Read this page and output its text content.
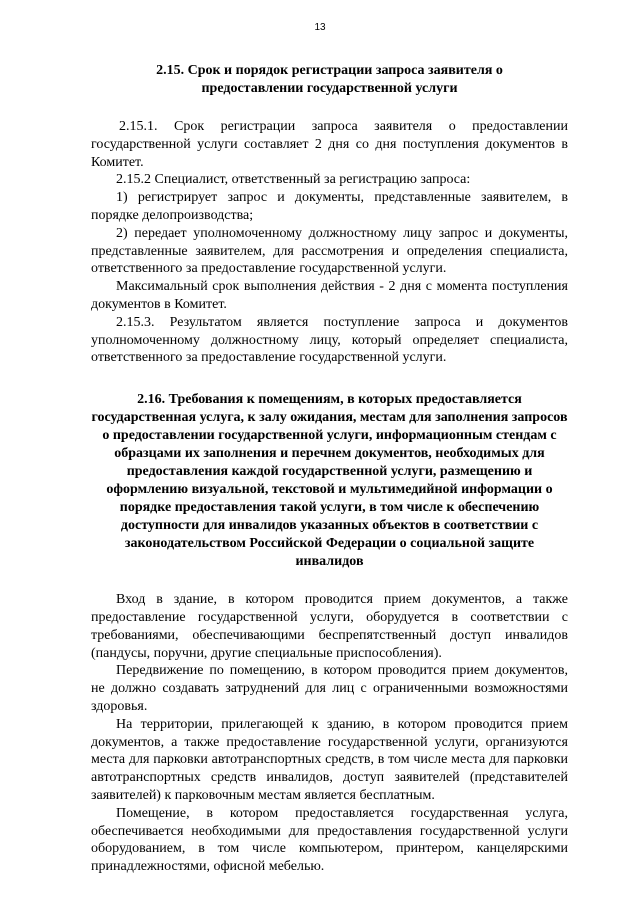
13
2.15. Срок и порядок регистрации запроса заявителя о предоставлении государственной услуги

2.15.1. Срок регистрации запроса заявителя о предоставлении государственной услуги составляет 2 дня со дня поступления документов в Комитет.

2.15.2 Специалист, ответственный за регистрацию запроса:

1) регистрирует запрос и документы, представленные заявителем, в порядке делопроизводства;

2) передает уполномоченному должностному лицу запрос и документы, представленные заявителем, для рассмотрения и определения специалиста, ответственного за предоставление государственной услуги.

Максимальный срок выполнения действия - 2 дня с момента поступления документов в Комитет.

2.15.3. Результатом является поступление запроса и документов уполномоченному должностному лицу, который определяет специалиста, ответственного за предоставление государственной услуги.

2.16. Требования к помещениям, в которых предоставляется государственная услуга, к залу ожидания, местам для заполнения запросов о предоставлении государственной услуги, информационным стендам с образцами их заполнения и перечнем документов, необходимых для предоставления каждой государственной услуги, размещению и оформлению визуальной, текстовой и мультимедийной информации о порядке предоставления такой услуги, в том числе к обеспечению доступности для инвалидов указанных объектов в соответствии с законодательством Российской Федерации о социальной защите инвалидов

Вход в здание, в котором проводится прием документов, а также предоставление государственной услуги, оборудуется в соответствии с требованиями, обеспечивающими беспрепятственный доступ инвалидов (пандусы, поручни, другие специальные приспособления).

Передвижение по помещению, в котором проводится прием документов, не должно создавать затруднений для лиц с ограниченными возможностями здоровья.

На территории, прилегающей к зданию, в котором проводится прием документов, а также предоставление государственной услуги, организуются места для парковки автотранспортных средств, в том числе места для парковки автотранспортных средств инвалидов, доступ заявителей (представителей заявителей) к парковочным местам является бесплатным.

Помещение, в котором предоставляется государственная услуга, обеспечивается необходимыми для предоставления государственной услуги оборудованием, в том числе компьютером, принтером, канцелярскими принадлежностями, офисной мебелью.
